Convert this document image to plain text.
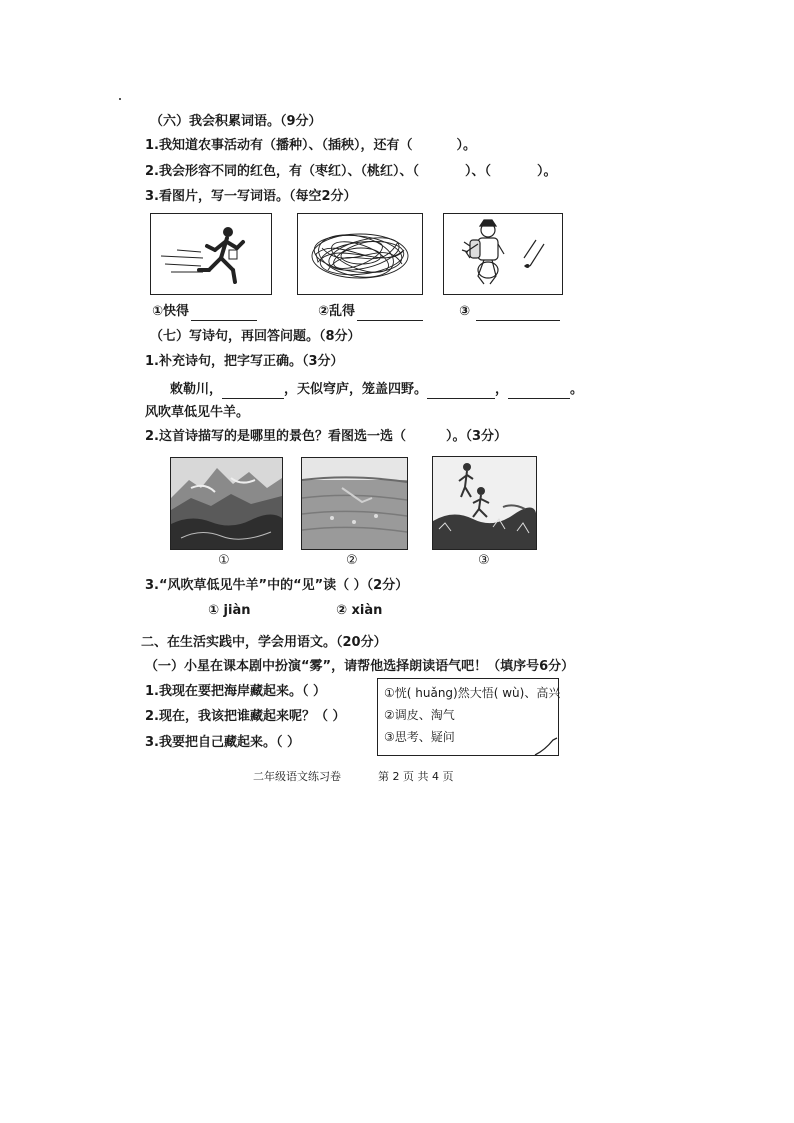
（六）我会积累词语。（9分）
1.我知道农事活动有（播种）、（插秧），还有（	）。
2.我会形容不同的红色，有（枣红）、（桃红）、（	）、（	）。
3.看图片，写一写词语。（每空2分）
①快得	②乱得	③
（七）写诗句，再回答问题。（8分）
1.补充诗句，把字写正确。（3分）
敕勒川，	，天似穹庐，笼盖四野。	，	。
风吹草低见牛羊。
2.这首诗描写的是哪里的景色？看图选一选（	）。（3分）
①	②	③
3.“风吹草低见牛羊”中的“见”读（ ）（2分）
① jiàn	② xiàn
二、在生活实践中，学会用语文。（20分）
（一）小星在课本剧中扮演“雾”，请帮他选择朗读语气吧！（填序号6分）
1.我现在要把海岸藏起来。（ ）
2.现在，我该把谁藏起来呢？（ ）
3.我要把自己藏起来。（ ）
①恍( huǎng)然大悟( wù)、高兴
②调皮、淘气
③思考、疑问
二年级语文练习卷	第 2 页 共 4 页
